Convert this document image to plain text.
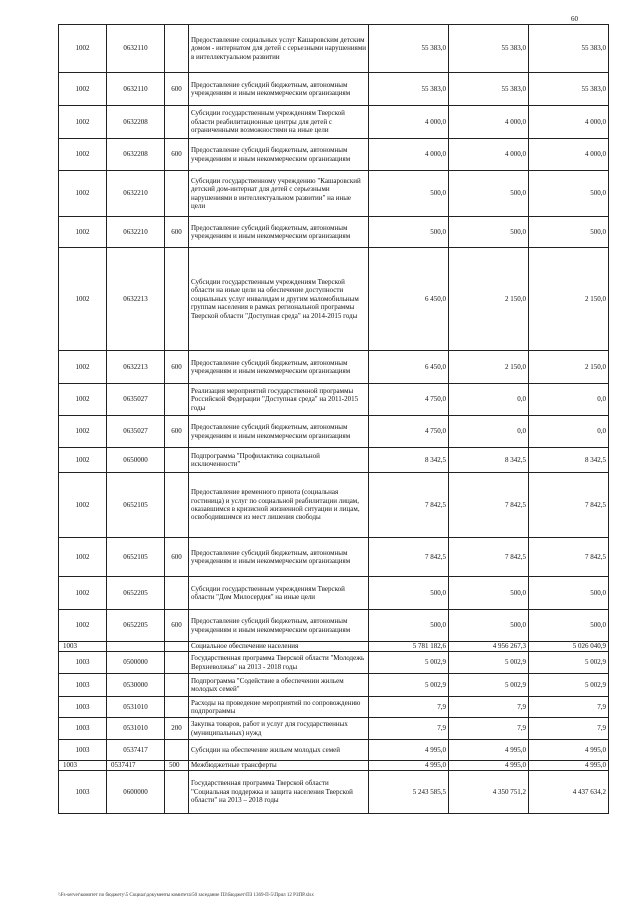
60
1002	0632110		Предоставление социальных услуг Кашаровским детским домом - интернатом для детей с серьезными нарушениями в интеллектуальном развитии	55 383,0	55 383,0	55 383,0
1002	0632110	600	Предоставление субсидий бюджетным, автономным учреждениям и иным некоммерческим организациям	55 383,0	55 383,0	55 383,0
1002	0632208		Субсидии государственным учреждениям Тверской области реабилитационные центры для детей с ограниченными возможностями на иные цели	4 000,0	4 000,0	4 000,0
1002	0632208	600	Предоставление субсидий бюджетным, автономным учреждениям и иным некоммерческим организациям	4 000,0	4 000,0	4 000,0
1002	0632210		Субсидии государственному учреждению "Кашаровский детский дом-интернат для детей с серьезными нарушениями в интеллектуальном развитии" на иные цели	500,0	500,0	500,0
1002	0632210	600	Предоставление субсидий бюджетным, автономным учреждениям и иным некоммерческим организациям	500,0	500,0	500,0
1002	0632213		Субсидии государственным учреждениям Тверской области на иные цели на обеспечение доступности социальных услуг инвалидам и другим маломобильным группам населения в рамках региональной программы Тверской области "Доступная среда" на 2014-2015 годы	6 450,0	2 150,0	2 150,0
1002	0632213	600	Предоставление субсидий бюджетным, автономным учреждениям и иным некоммерческим организациям	6 450,0	2 150,0	2 150,0
1002	0635027		Реализация мероприятий государственной программы Российской Федерации "Доступная среда" на 2011-2015 годы	4 750,0	0,0	0,0
1002	0635027	600	Предоставление субсидий бюджетным, автономным учреждениям и иным некоммерческим организациям	4 750,0	0,0	0,0
1002	0650000		Подпрограмма "Профилактика социальной исключенности"	8 342,5	8 342,5	8 342,5
1002	0652105		Предоставление временного приюта (социальная гостиница) и услуг по социальной реабилитации лицам, оказавшимся в кризисной жизненной ситуации и лицам, освободившимся из мест лишения свободы	7 842,5	7 842,5	7 842,5
1002	0652105	600	Предоставление субсидий бюджетным, автономным учреждениям и иным некоммерческим организациям	7 842,5	7 842,5	7 842,5
1002	0652205		Субсидии государственным учреждениям Тверской области "Дом Милосердия" на иные цели	500,0	500,0	500,0
1002	0652205	600	Предоставление субсидий бюджетным, автономным учреждениям и иным некоммерческим организациям	500,0	500,0	500,0
1003			Социальное обеспечение населения	5 781 182,6	4 956 267,3	5 026 040,9
1003	0500000		Государственная программа Тверской области "Молодежь Верхневолжья" на 2013 - 2018 годы	5 002,9	5 002,9	5 002,9
1003	0530000		Подпрограмма "Содействие в обеспечении жильем молодых семей"	5 002,9	5 002,9	5 002,9
1003	0531010		Расходы на проведение мероприятий по сопровождению подпрограммы	7,9	7,9	7,9
1003	0531010	200	Закупка товаров, работ и услуг для государственных (муниципальных) нужд	7,9	7,9	7,9
1003	0537417		Субсидии на обеспечение жильем молодых семей	4 995,0	4 995,0	4 995,0
1003	0537417	500	Межбюджетные трансферты	4 995,0	4 995,0	4 995,0
1003	0600000		Государственная программа Тверской области "Социальная поддержка и защита населения Тверской области" на 2013 – 2018 годы	5 243 585,5	4 350 751,2	4 437 634,2
\\Fs-server\комитет по бюджету\5 Социал\документы комитета\50 заседание ПЗ\Бюджет\ПЗ 1369-П-5\Прил 12 РЗПР.xlsx
